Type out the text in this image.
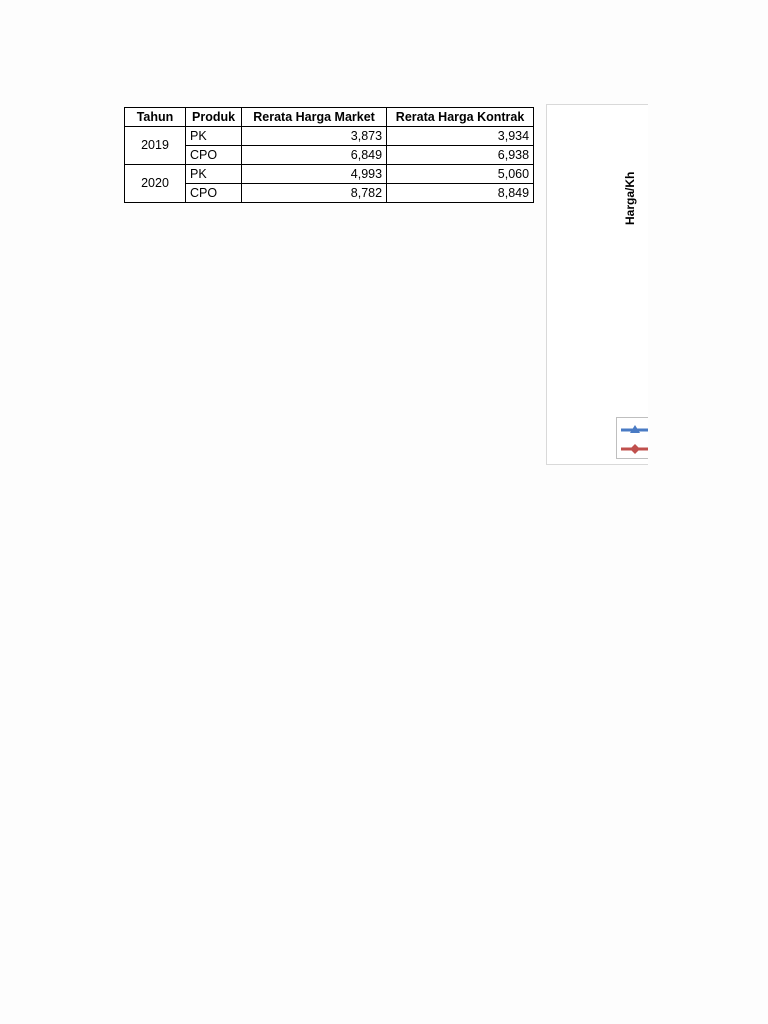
Tahun	Produk	Rerata Harga Market	Rerata Harga Kontrak
2019	PK	3,873	3,934
	CPO	6,849	6,938
2020	PK	4,993	5,060
	CPO	8,782	8,849	Harga/Kh
